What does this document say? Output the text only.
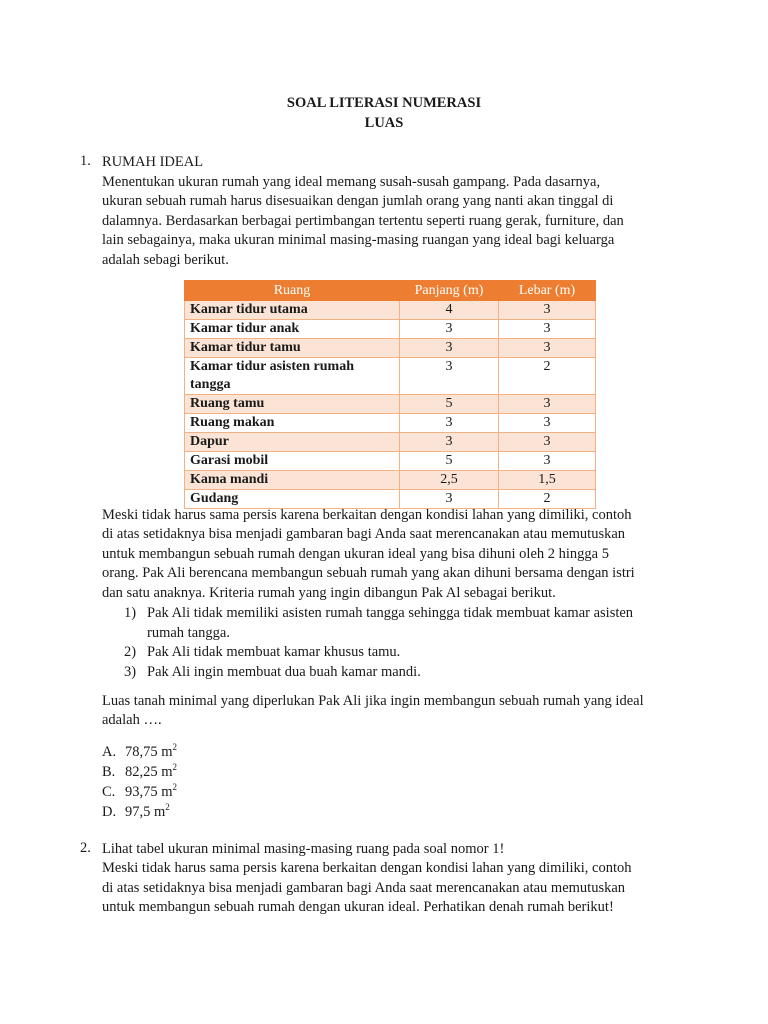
SOAL LITERASI NUMERASI
LUAS
1. RUMAH IDEAL
Menentukan ukuran rumah yang ideal memang susah-susah gampang. Pada dasarnya,
ukuran sebuah rumah harus disesuaikan dengan jumlah orang yang nanti akan tinggal di
dalamnya. Berdasarkan berbagai pertimbangan tertentu seperti ruang gerak, furniture, dan
lain sebagainya, maka ukuran minimal masing-masing ruangan yang ideal bagi keluarga
adalah sebagi berikut.
Ruang	Panjang (m)	Lebar (m)
Kamar tidur utama	4	3
Kamar tidur anak	3	3
Kamar tidur tamu	3	3
Kamar tidur asisten rumah tangga	3	2
Ruang tamu	5	3
Ruang makan	3	3
Dapur	3	3
Garasi mobil	5	3
Kama mandi	2,5	1,5
Gudang	3	2
Meski tidak harus sama persis karena berkaitan dengan kondisi lahan yang dimiliki, contoh
di atas setidaknya bisa menjadi gambaran bagi Anda saat merencanakan atau memutuskan
untuk membangun sebuah rumah dengan ukuran ideal yang bisa dihuni oleh 2 hingga 5
orang. Pak Ali berencana membangun sebuah rumah yang akan dihuni bersama dengan istri
dan satu anaknya. Kriteria rumah yang ingin dibangun Pak Al sebagai berikut.
1) Pak Ali tidak memiliki asisten rumah tangga sehingga tidak membuat kamar asisten
rumah tangga.
2) Pak Ali tidak membuat kamar khusus tamu.
3) Pak Ali ingin membuat dua buah kamar mandi.
Luas tanah minimal yang diperlukan Pak Ali jika ingin membangun sebuah rumah yang ideal
adalah ….
A. 78,75 $m^2$
B. 82,25 $m^2$
C. 93,75 $m^2$
D. 97,5 $m^2$
2. Lihat tabel ukuran minimal masing-masing ruang pada soal nomor 1!
Meski tidak harus sama persis karena berkaitan dengan kondisi lahan yang dimiliki, contoh
di atas setidaknya bisa menjadi gambaran bagi Anda saat merencanakan atau memutuskan
untuk membangun sebuah rumah dengan ukuran ideal. Perhatikan denah rumah berikut!
